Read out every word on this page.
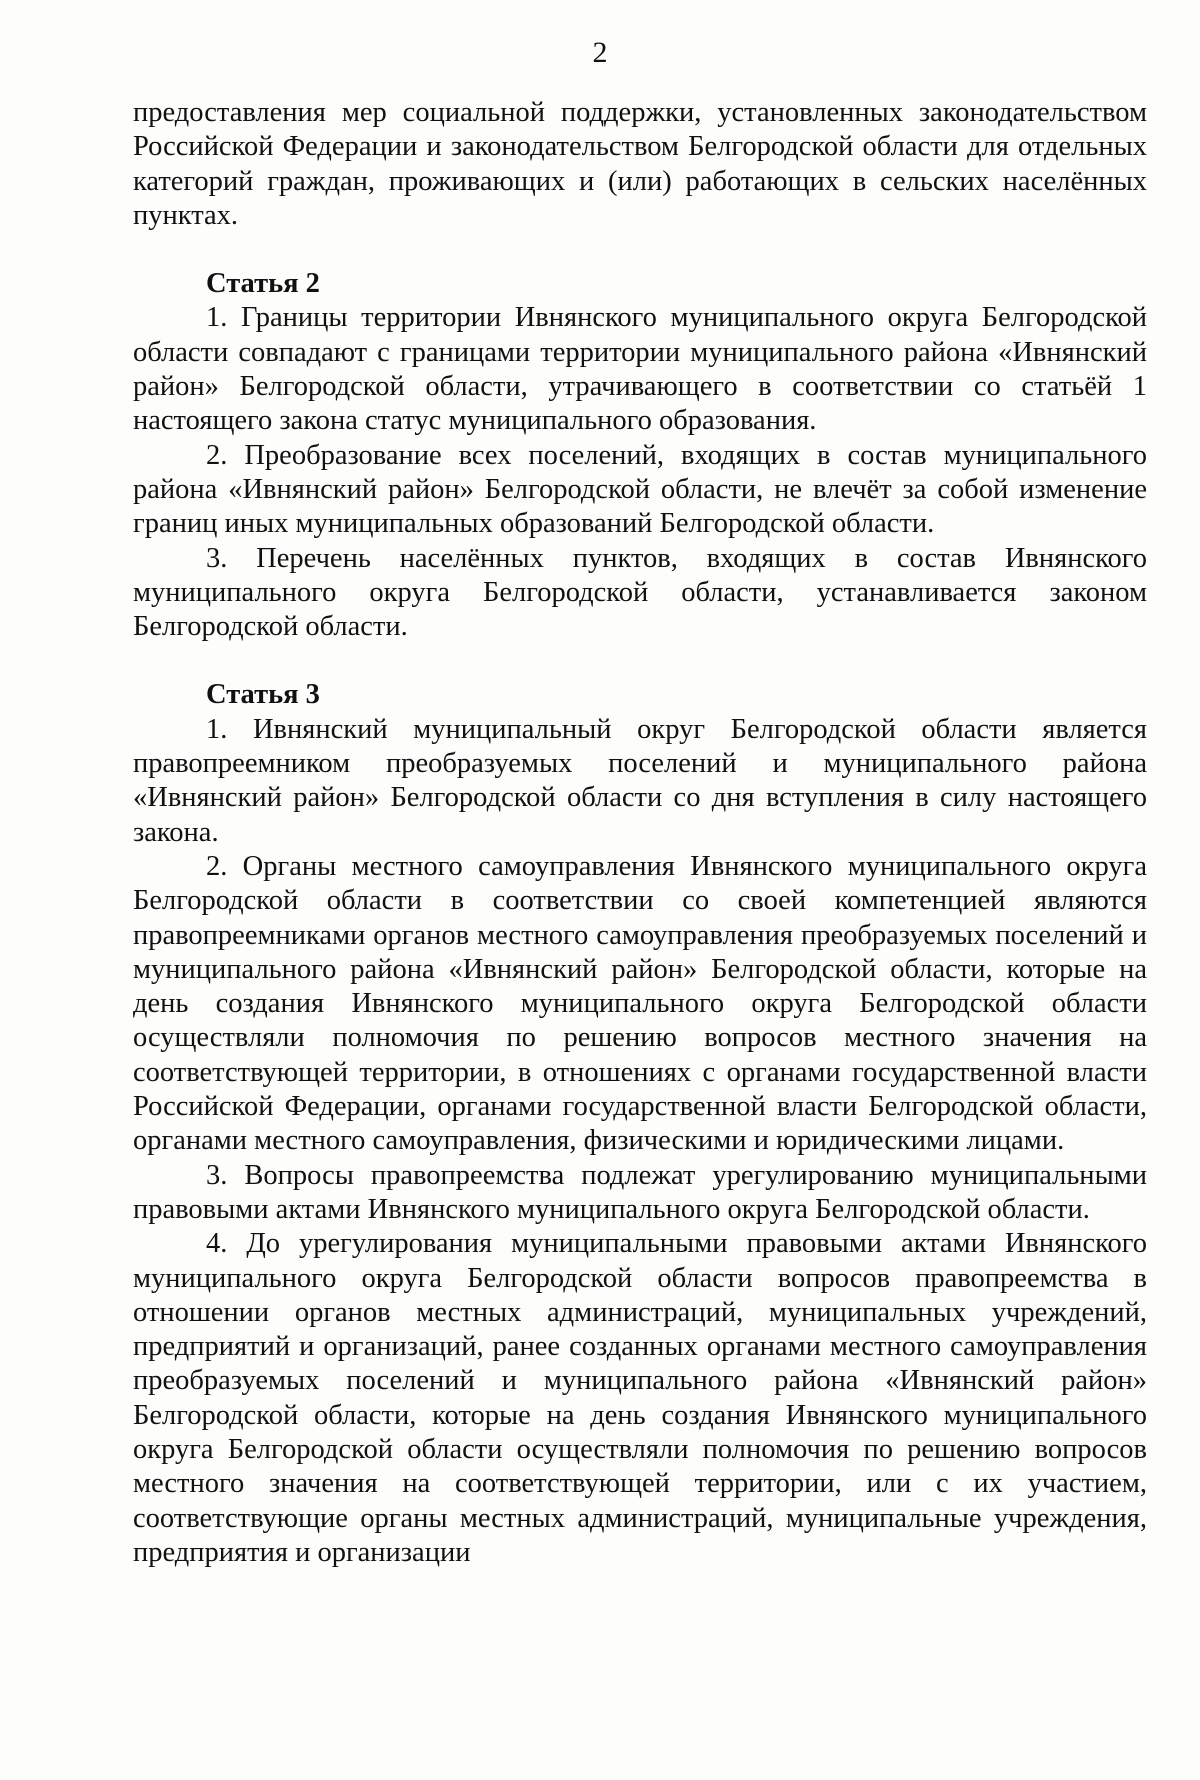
2

предоставления мер социальной поддержки, установленных законодательством Российской Федерации и законодательством Белгородской области для отдельных категорий граждан, проживающих и (или) работающих в сельских населённых пунктах.

Статья 2

1. Границы территории Ивнянского муниципального округа Белгородской области совпадают с границами территории муниципального района «Ивнянский район» Белгородской области, утрачивающего в соответствии со статьёй 1 настоящего закона статус муниципального образования.

2. Преобразование всех поселений, входящих в состав муниципального района «Ивнянский район» Белгородской области, не влечёт за собой изменение границ иных муниципальных образований Белгородской области.

3. Перечень населённых пунктов, входящих в состав Ивнянского муниципального округа Белгородской области, устанавливается законом Белгородской области.

Статья 3

1. Ивнянский муниципальный округ Белгородской области является правопреемником преобразуемых поселений и муниципального района «Ивнянский район» Белгородской области со дня вступления в силу настоящего закона.

2. Органы местного самоуправления Ивнянского муниципального округа Белгородской области в соответствии со своей компетенцией являются правопреемниками органов местного самоуправления преобразуемых поселений и муниципального района «Ивнянский район» Белгородской области, которые на день создания Ивнянского муниципального округа Белгородской области осуществляли полномочия по решению вопросов местного значения на соответствующей территории, в отношениях с органами государственной власти Российской Федерации, органами государственной власти Белгородской области, органами местного самоуправления, физическими и юридическими лицами.

3. Вопросы правопреемства подлежат урегулированию муниципальными правовыми актами Ивнянского муниципального округа Белгородской области.

4. До урегулирования муниципальными правовыми актами Ивнянского муниципального округа Белгородской области вопросов правопреемства в отношении органов местных администраций, муниципальных учреждений, предприятий и организаций, ранее созданных органами местного самоуправления преобразуемых поселений и муниципального района «Ивнянский район» Белгородской области, которые на день создания Ивнянского муниципального округа Белгородской области осуществляли полномочия по решению вопросов местного значения на соответствующей территории, или с их участием, соответствующие органы местных администраций, муниципальные учреждения, предприятия и организации
